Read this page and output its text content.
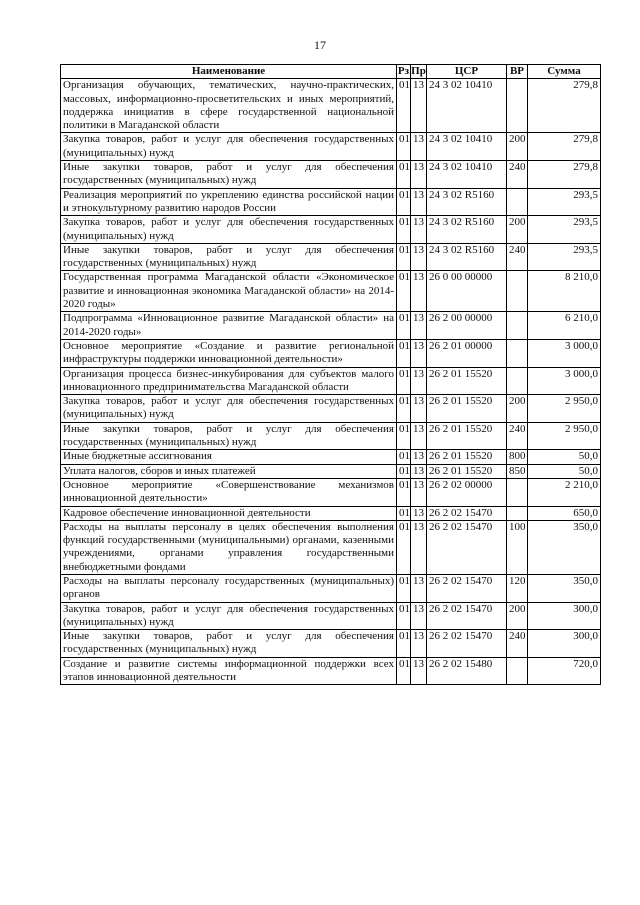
17
Наименование	Рз	Пр	ЦСР	ВР	Сумма
Организация обучающих, тематических, научно-практических, массовых, информационно-просветительских и иных мероприятий, поддержка инициатив в сфере государственной национальной политики в Магаданской области	01	13	24 3 02 10410		279,8
Закупка товаров, работ и услуг для обеспечения государственных (муниципальных) нужд	01	13	24 3 02 10410	200	279,8
Иные закупки товаров, работ и услуг для обеспечения государственных (муниципальных) нужд	01	13	24 3 02 10410	240	279,8
Реализация мероприятий по укреплению единства российской нации и этнокультурному развитию народов России	01	13	24 3 02 R5160		293,5
Закупка товаров, работ и услуг для обеспечения государственных (муниципальных) нужд	01	13	24 3 02 R5160	200	293,5
Иные закупки товаров, работ и услуг для обеспечения государственных (муниципальных) нужд	01	13	24 3 02 R5160	240	293,5
Государственная программа Магаданской области «Экономическое развитие и инновационная экономика Магаданской области» на 2014-2020 годы»	01	13	26 0 00 00000		8 210,0
Подпрограмма «Инновационное развитие Магаданской области» на 2014-2020 годы»	01	13	26 2 00 00000		6 210,0
Основное мероприятие «Создание и развитие региональной инфраструктуры поддержки инновационной деятельности»	01	13	26 2 01 00000		3 000,0
Организация процесса бизнес-инкубирования для субъектов малого инновационного предпринимательства Магаданской области	01	13	26 2 01 15520		3 000,0
Закупка товаров, работ и услуг для обеспечения государственных (муниципальных) нужд	01	13	26 2 01 15520	200	2 950,0
Иные закупки товаров, работ и услуг для обеспечения государственных (муниципальных) нужд	01	13	26 2 01 15520	240	2 950,0
Иные бюджетные ассигнования	01	13	26 2 01 15520	800	50,0
Уплата налогов, сборов и иных платежей	01	13	26 2 01 15520	850	50,0
Основное мероприятие «Совершенствование механизмов инновационной деятельности»	01	13	26 2 02 00000		2 210,0
Кадровое обеспечение инновационной деятельности	01	13	26 2 02 15470		650,0
Расходы на выплаты персоналу в целях обеспечения выполнения функций государственными (муниципальными) органами, казенными учреждениями, органами управления государственными внебюджетными фондами	01	13	26 2 02 15470	100	350,0
Расходы на выплаты персоналу государственных (муниципальных) органов	01	13	26 2 02 15470	120	350,0
Закупка товаров, работ и услуг для обеспечения государственных (муниципальных) нужд	01	13	26 2 02 15470	200	300,0
Иные закупки товаров, работ и услуг для обеспечения государственных (муниципальных) нужд	01	13	26 2 02 15470	240	300,0
Создание и развитие системы информационной поддержки всех этапов инновационной деятельности	01	13	26 2 02 15480		720,0
